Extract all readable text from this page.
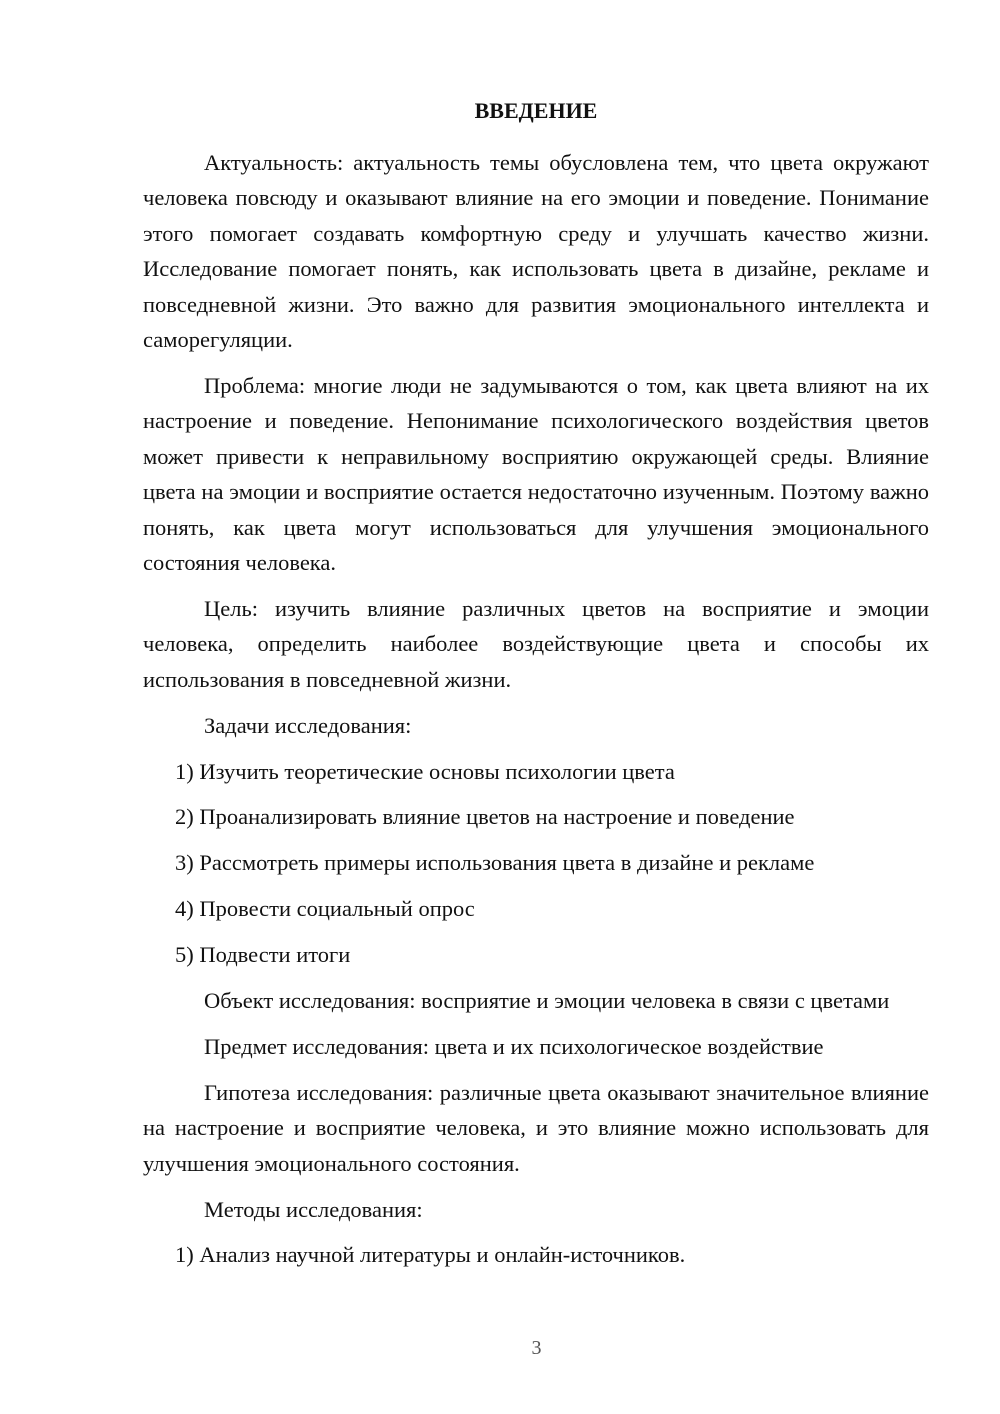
ВВЕДЕНИЕ

Актуальность: актуальность темы обусловлена тем, что цвета окружают человека повсюду и оказывают влияние на его эмоции и поведение. Понимание этого помогает создавать комфортную среду и улучшать качество жизни. Исследование помогает понять, как использовать цвета в дизайне, рекламе и повседневной жизни. Это важно для развития эмоционального интеллекта и саморегуляции.

Проблема: многие люди не задумываются о том, как цвета влияют на их настроение и поведение. Непонимание психологического воздействия цветов может привести к неправильному восприятию окружающей среды. Влияние цвета на эмоции и восприятие остается недостаточно изученным. Поэтому важно понять, как цвета могут использоваться для улучшения эмоционального состояния человека.

Цель: изучить влияние различных цветов на восприятие и эмоции человека, определить наиболее воздействующие цвета и способы их использования в повседневной жизни.

Задачи исследования:

1) Изучить теоретические основы психологии цвета
2) Проанализировать влияние цветов на настроение и поведение
3) Рассмотреть примеры использования цвета в дизайне и рекламе
4) Провести социальный опрос
5) Подвести итоги

Объект исследования: восприятие и эмоции человека в связи с цветами

Предмет исследования: цвета и их психологическое воздействие

Гипотеза исследования: различные цвета оказывают значительное влияние на настроение и восприятие человека, и это влияние можно использовать для улучшения эмоционального состояния.

Методы исследования:

1) Анализ научной литературы и онлайн-источников.
3
